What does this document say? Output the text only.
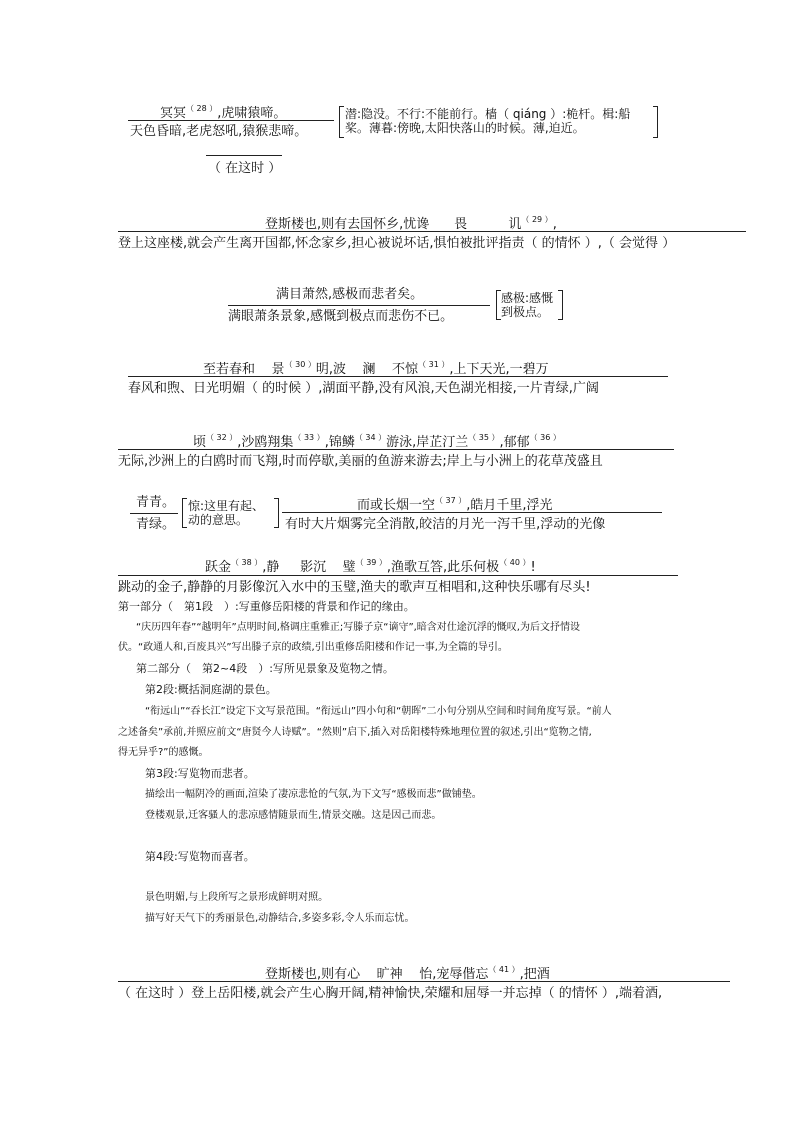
冥冥$^{( 28 )}$,虎啸猿啼。
天色昏暗,老虎怒吼,猿猴悲啼。
潜:隐没。不行:不能前行。樯（ qiáng ）:桅杆。楫:船
桨。薄暮:傍晚,太阳快落山的时候。薄,迫近。
（ 在这时 ）
登斯楼也,则有去国怀乡,忧谗 畏	讥$^{( 29 )}$,
登上这座楼,就会产生离开国都,怀念家乡,担心被说坏话,惧怕被批评指责（ 的情怀 ）,（ 会觉得 ）
满目萧然,感极而悲者矣。
满眼萧条景象,感慨到极点而悲伤不已。
感极:感慨
到极点。
至若春和 景$^{( 30 )}$明,波 澜 不惊$^{( 31 )}$,上下天光,一碧万
春风和煦、日光明媚（ 的时候 ）,湖面平静,没有风浪,天色湖光相接,一片青绿,广阔
顷$^{( 32 )}$,沙鸥翔集$^{( 33 )}$,锦鳞$^{( 34 )}$游泳,岸芷汀兰$^{( 35 )}$,郁郁$^{( 36 )}$
无际,沙洲上的白鸥时而飞翔,时而停歇,美丽的鱼游来游去;岸上与小洲上的花草茂盛且
青青。
青绿。
惊:这里有起、
动的意思。
而或长烟一空$^{( 37 )}$,皓月千里,浮光
有时大片烟雾完全消散,皎洁的月光一泻千里,浮动的光像
跃金$^{( 38 )}$,静 影沉 璧$^{( 39 )}$,渔歌互答,此乐何极$^{( 40 )}$!
跳动的金子,静静的月影像沉入水中的玉璧,渔夫的歌声互相唱和,这种快乐哪有尽头!
第一部分（　第1段　）:写重修岳阳楼的背景和作记的缘由。
“庆历四年春”“越明年”点明时间,格调庄重雅正;写滕子京“谪守”,暗含对仕途沉浮的慨叹,为后文抒情设
伏。“政通人和,百废具兴”写出滕子京的政绩,引出重修岳阳楼和作记一事,为全篇的导引。
第二部分（　第2~4段　）:写所见景象及览物之情。
第2段:概括洞庭湖的景色。
“衔远山”“吞长江”设定下文写景范围。“衔远山”四小句和“朝晖”二小句分别从空间和时间角度写景。“前人
之述备矣”承前,并照应前文“唐贤今人诗赋”。“然则”启下,插入对岳阳楼特殊地理位置的叙述,引出“览物之情,
得无异乎?”的感慨。
第3段:写览物而悲者。
描绘出一幅阴冷的画面,渲染了凄凉悲怆的气氛,为下文写“感极而悲”做铺垫。
登楼观景,迁客骚人的悲凉感情随景而生,情景交融。这是因己而悲。
第4段:写览物而喜者。
景色明媚,与上段所写之景形成鲜明对照。
描写好天气下的秀丽景色,动静结合,多姿多彩,令人乐而忘忧。
登斯楼也,则有心 旷神 怡,宠辱偕忘$^{( 41 )}$,把酒
（ 在这时 ）登上岳阳楼,就会产生心胸开阔,精神愉快,荣耀和屈辱一并忘掉（ 的情怀 ）,端着酒,
